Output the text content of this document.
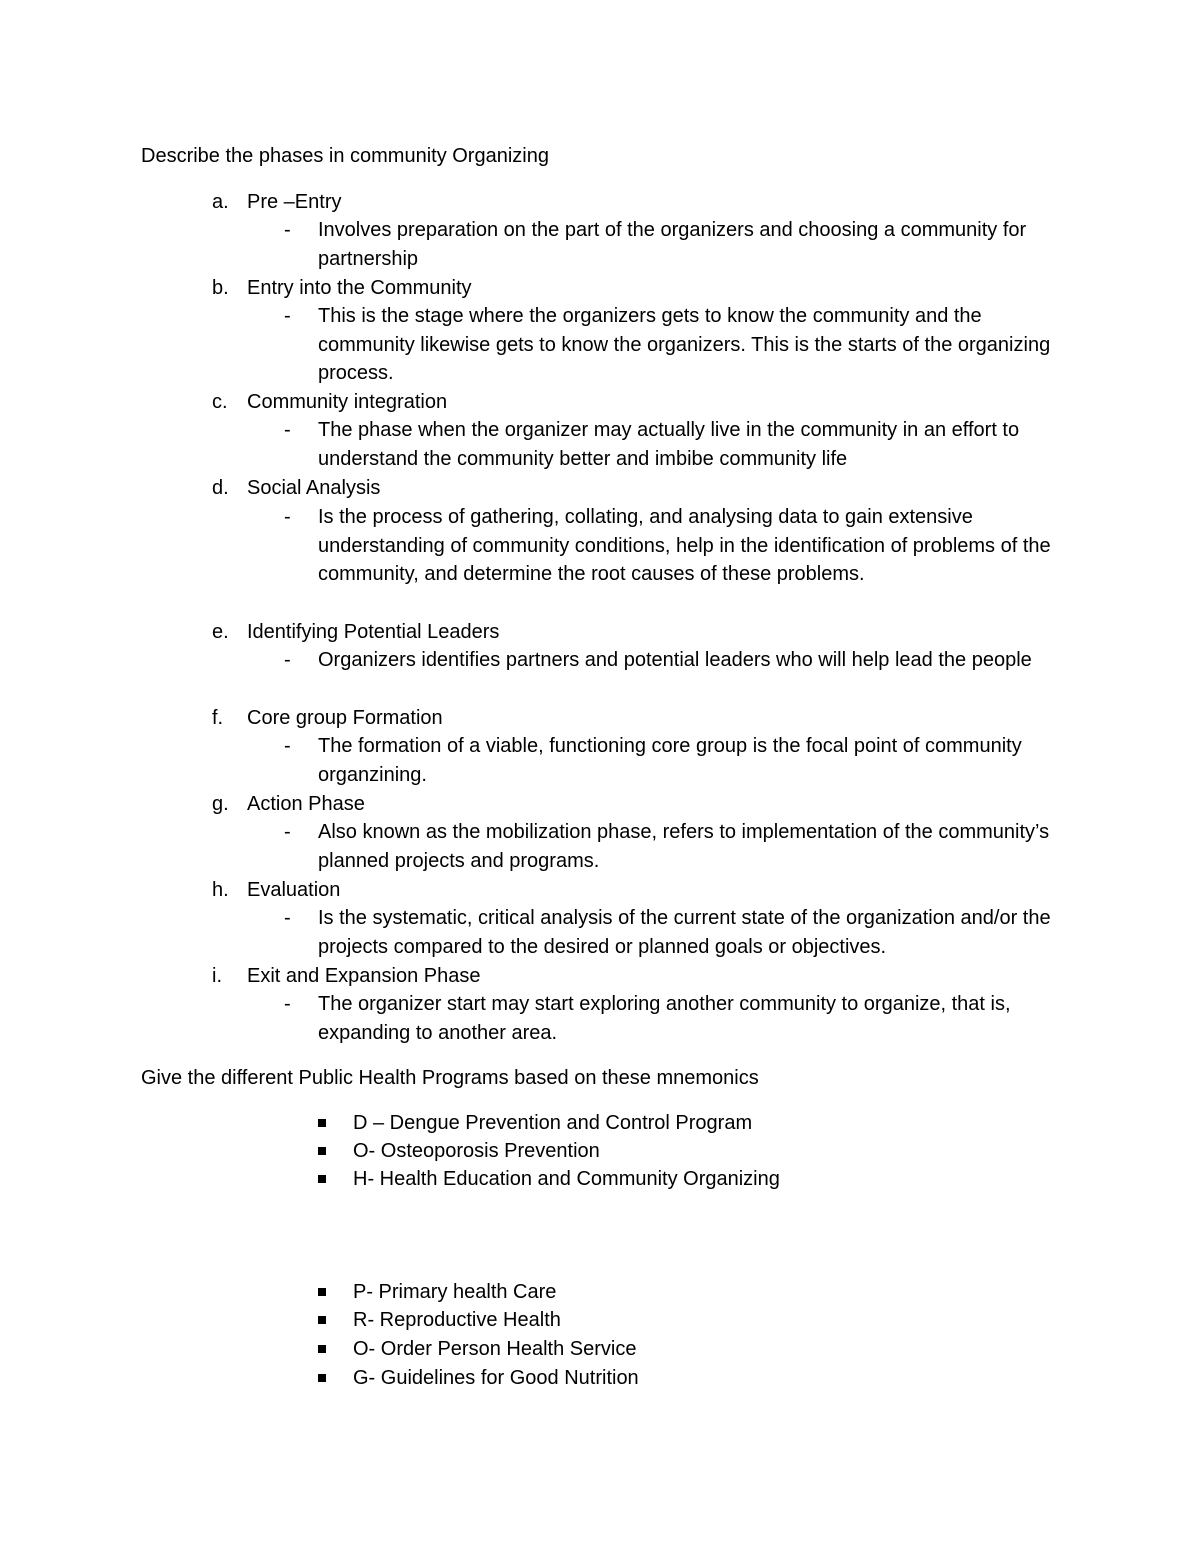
Describe the phases in community Organizing
a. Pre –Entry
- Involves preparation on the part of the organizers and choosing a community for partnership
b. Entry into the Community
- This is the stage where the organizers gets to know the community and the community likewise gets to know the organizers. This is the starts of the organizing process.
c. Community integration
- The phase when the organizer may actually live in the community in an effort to understand the community better and imbibe community life
d. Social Analysis
- Is the process of gathering, collating, and analysing data to gain extensive understanding of community conditions, help in the identification of problems of the community, and determine the root causes of these problems.
e. Identifying Potential Leaders
- Organizers identifies partners and potential leaders who will help lead the people
f.	Core group Formation
- The formation of a viable, functioning core group is the focal point of community organzining.
g. Action Phase
- Also known as the mobilization phase, refers to implementation of the community’s planned projects and programs.
h. Evaluation
- Is the systematic, critical analysis of the current state of the organization and/or the projects compared to the desired or planned goals or objectives.
i.	Exit and Expansion Phase
- The organizer start may start exploring another community to organize, that is, expanding to another area.
Give the different Public Health Programs based on these mnemonics
D – Dengue Prevention and Control Program
O- Osteoporosis Prevention
H- Health Education and Community Organizing
P- Primary health Care
R- Reproductive Health
O- Order Person Health Service
G- Guidelines for Good Nutrition
